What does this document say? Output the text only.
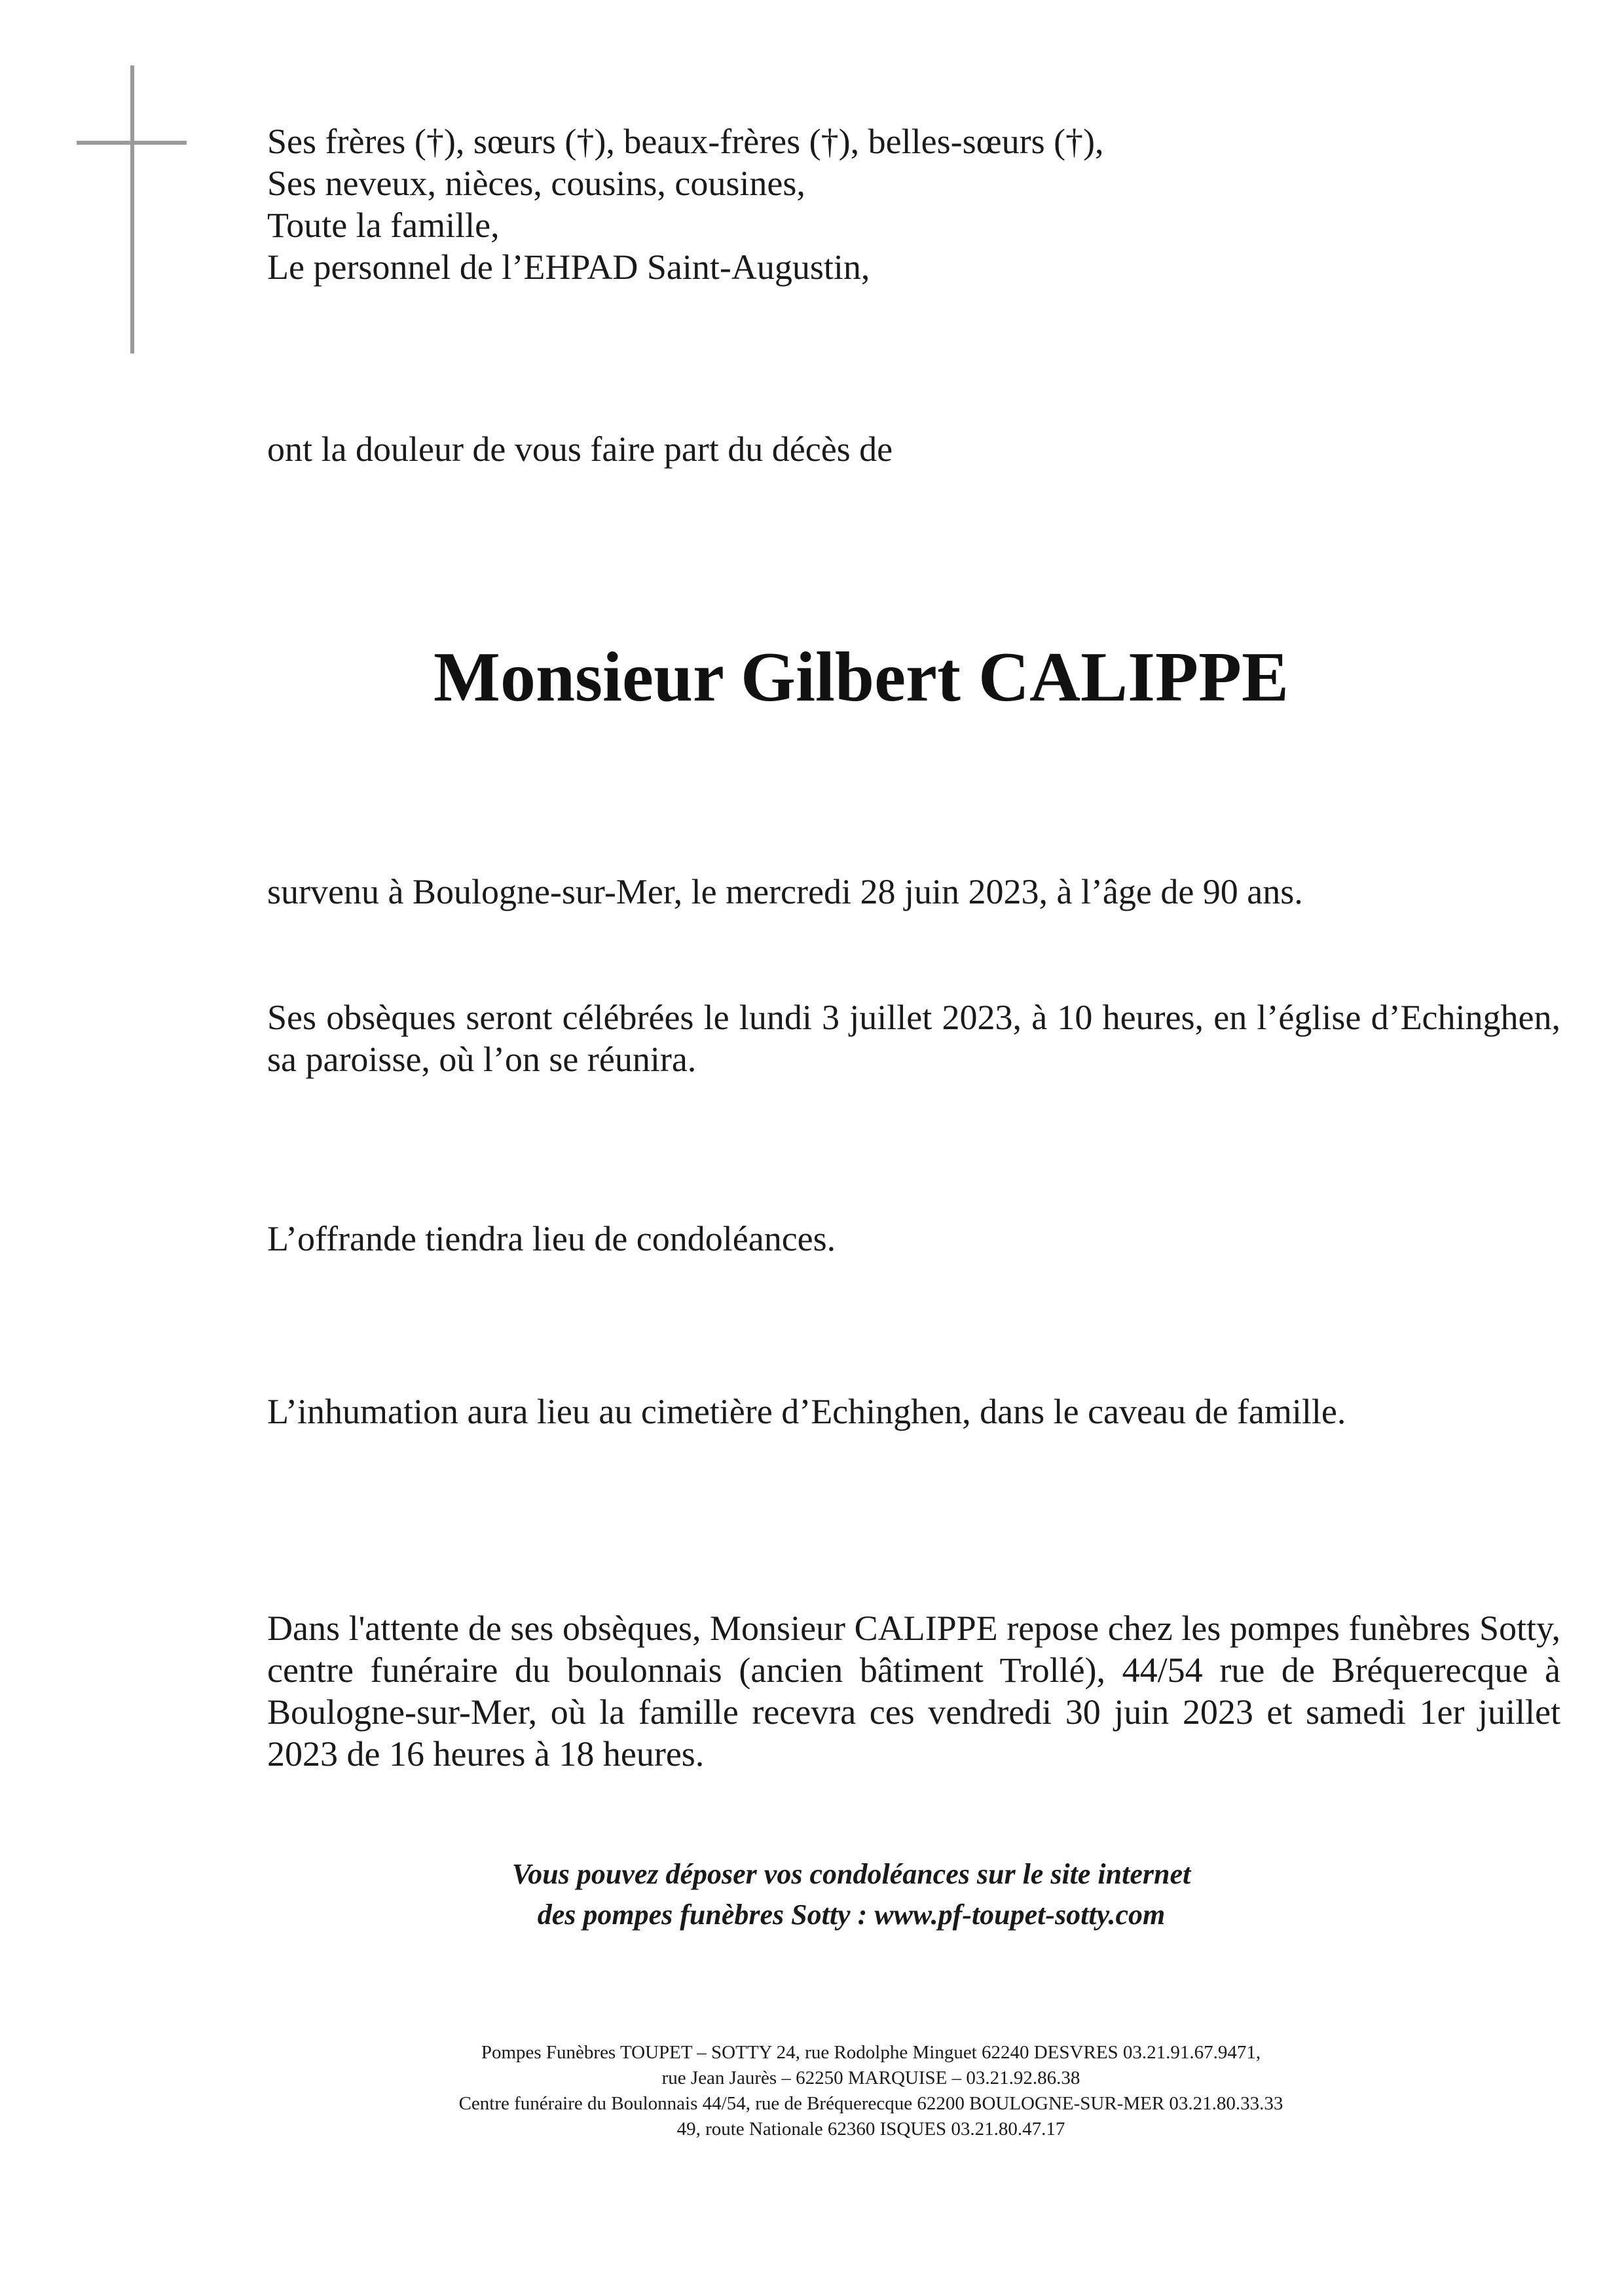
Ses frères (†), sœurs (†), beaux-frères (†), belles-sœurs (†),
Ses neveux, nièces, cousins, cousines,
Toute la famille,
Le personnel de l’EHPAD Saint-Augustin,
ont la douleur de vous faire part du décès de
Monsieur Gilbert CALIPPE
survenu à Boulogne-sur-Mer, le mercredi 28 juin 2023, à l’âge de 90 ans.
Ses obsèques seront célébrées le lundi 3 juillet 2023, à 10 heures, en l’église d’Echinghen, sa paroisse, où l’on se réunira.
L’offrande tiendra lieu de condoléances.
L’inhumation aura lieu au cimetière d’Echinghen, dans le caveau de famille.
Dans l'attente de ses obsèques, Monsieur CALIPPE repose chez les pompes funèbres Sotty, centre funéraire du boulonnais (ancien bâtiment Trollé), 44/54 rue de Bréquerecque à Boulogne-sur-Mer, où la famille recevra ces vendredi 30 juin 2023 et samedi 1er juillet 2023 de 16 heures à 18 heures.
Vous pouvez déposer vos condoléances sur le site internet
des pompes funèbres Sotty : www.pf-toupet-sotty.com
Pompes Funèbres TOUPET – SOTTY 24, rue Rodolphe Minguet 62240 DESVRES 03.21.91.67.9471,
rue Jean Jaurès – 62250 MARQUISE – 03.21.92.86.38
Centre funéraire du Boulonnais 44/54, rue de Bréquerecque 62200 BOULOGNE-SUR-MER 03.21.80.33.33
49, route Nationale 62360 ISQUES 03.21.80.47.17
